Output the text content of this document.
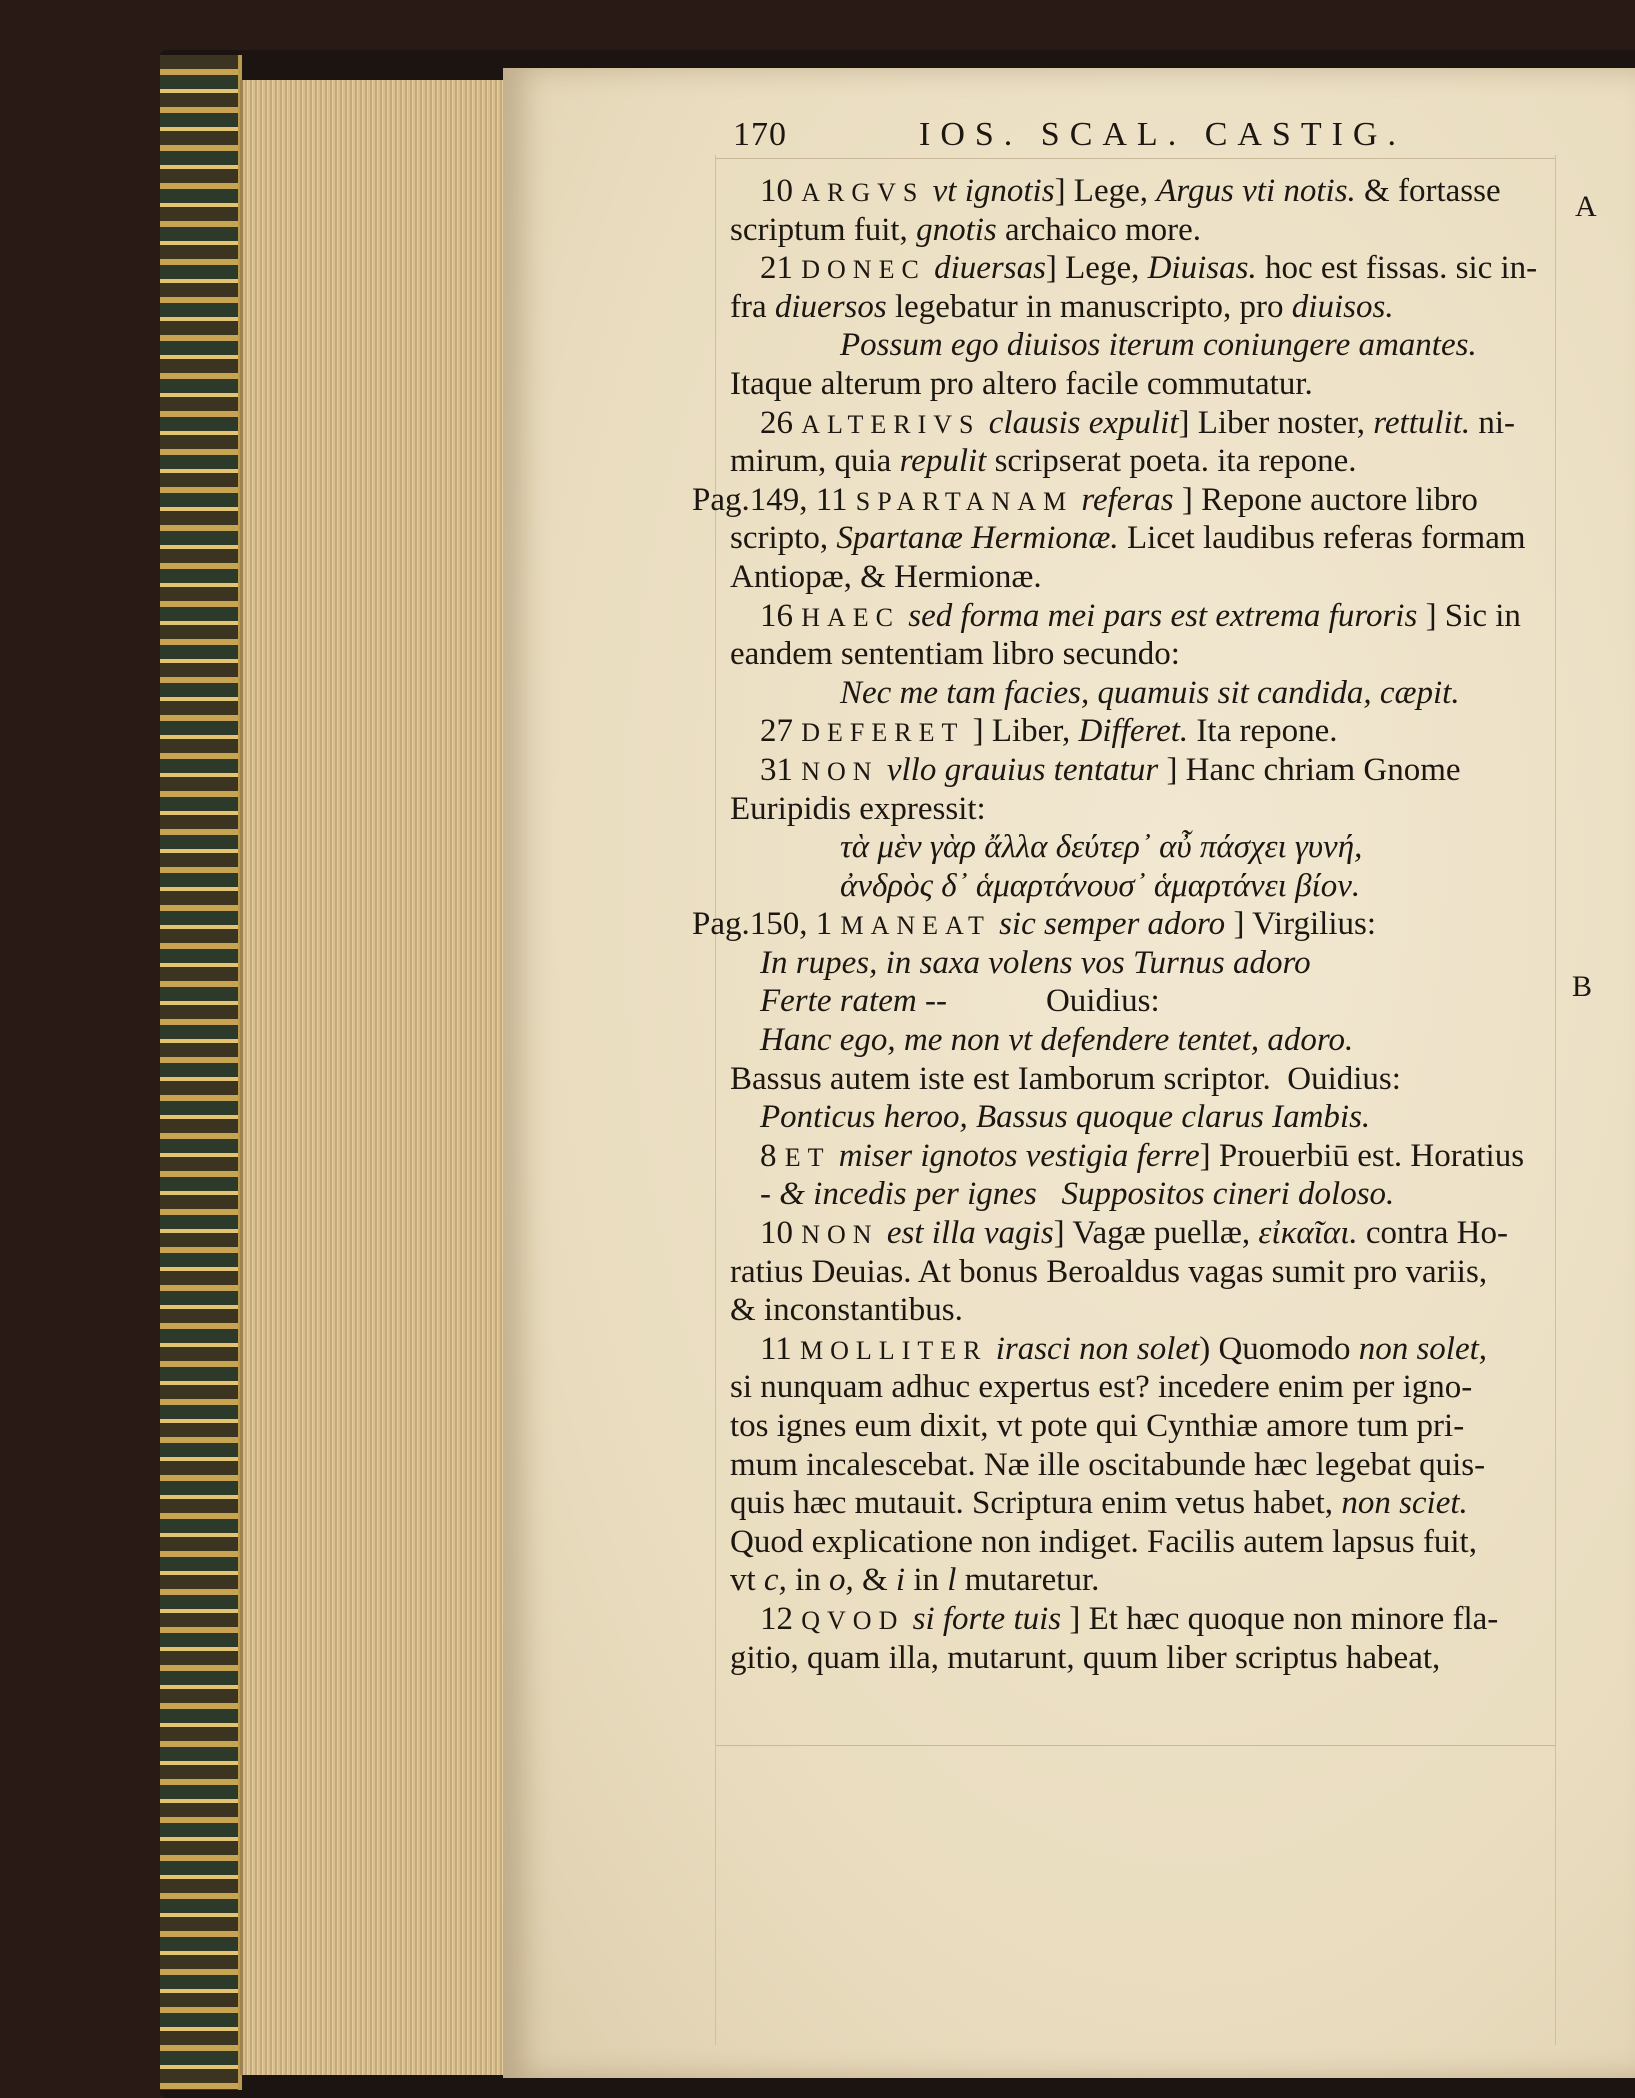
170	IOS. SCAL. CASTIG.
A
B
10 ARGVS vt ignotis] Lege, Argus vti notis. & fortasse
scriptum fuit, gnotis archaico more.
21 DONEC diuersas] Lege, Diuisas. hoc est fissas. sic in-
fra diuersos legebatur in manuscripto, pro diuisos.
Possum ego diuisos iterum coniungere amantes.
Itaque alterum pro altero facile commutatur.
26 ALTERIVS clausis expulit] Liber noster, rettulit. ni-
mirum, quia repulit scripserat poeta. ita repone.
Pag.149, 11 SPARTANAM referas ] Repone auctore libro
scripto, Spartanæ Hermionæ. Licet laudibus referas formam
Antiopæ, & Hermionæ.
16 HAEC sed forma mei pars est extrema furoris ] Sic in
eandem sententiam libro secundo:
Nec me tam facies, quamuis sit candida, cæpit.
27 DEFERET ] Liber, Differet. Ita repone.
31 NON vllo grauius tentatur ] Hanc chriam Gnome
Euripidis expressit:
τὰ μὲν γὰρ ἄλλα δεύτερ᾽ αὖ πάσχει γυνή,
ἀνδρὸς δ᾽ ἁμαρτάνουσ᾽ ἁμαρτάνει βίον.
Pag.150, 1 MANEAT sic semper adoro ] Virgilius:
In rupes, in saxa volens vos Turnus adoro
Ferte ratem --            Ouidius:
Hanc ego, me non vt defendere tentet, adoro.
Bassus autem iste est Iamborum scriptor.  Ouidius:
Ponticus heroo, Bassus quoque clarus Iambis.
8 ET miser ignotos vestigia ferre] Prouerbiū est. Horatius
- & incedis per ignes   Suppositos cineri doloso.
10 NON est illa vagis] Vagæ puellæ, εἰκαῖαι. contra Ho-
ratius Deuias. At bonus Beroaldus vagas sumit pro variis,
& inconstantibus.
11 MOLLITER irasci non solet) Quomodo non solet,
si nunquam adhuc expertus est? incedere enim per ignο-
tos ignes eum dixit, vt pote qui Cynthiæ amore tum pri-
mum incalescebat. Næ ille oscitabunde hæc legebat quis-
quis hæc mutauit. Scriptura enim vetus habet, non sciet.
Quod explicatione non indiget. Facilis autem lapsus fuit,
vt c, in o, & i in l mutaretur.
12 QVOD si forte tuis ] Et hæc quoque non minore fla-
gitio, quam illa, mutarunt, quum liber scriptus habeat,
